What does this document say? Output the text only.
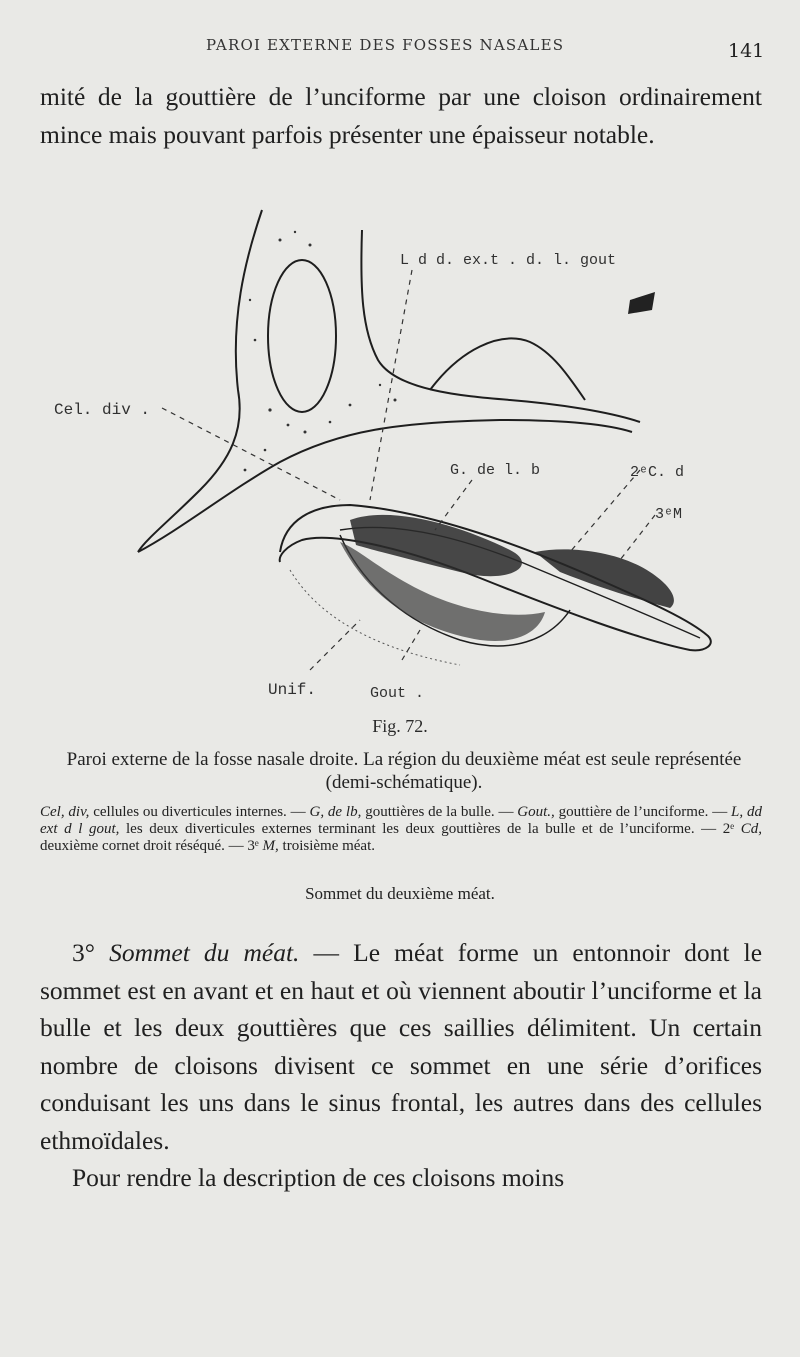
PAROI EXTERNE DES FOSSES NASALES	141

mité de la gouttière de l’unciforme par une cloison ordinairement mince mais pouvant parfois présenter une épaisseur notable.

Cel. div .
L d d. ex.t . d. l. gout
G. de l. b	2ᵉC. d
3ᵉM
Unif.	Gout .
Fig. 72.
Paroi externe de la fosse nasale droite. La région du deuxième méat est seule représentée (demi-schématique).
Cel, div, cellules ou diverticules internes. — G, de lb, gouttières de la bulle. — Gout., gouttière de l’unciforme. — L, dd ext d l gout, les deux diverticules externes terminant les deux gouttières de la bulle et de l’unciforme. — 2ᵉ Cd, deuxième cornet droit réséqué. — 3ᵉ M, troisième méat.
Sommet du deuxième méat.

3° Sommet du méat. — Le méat forme un entonnoir dont le sommet est en avant et en haut et où viennent aboutir l’unciforme et la bulle et les deux gouttières que ces saillies délimitent. Un certain nombre de cloisons divisent ce sommet en une série d’orifices conduisant les uns dans le sinus frontal, les autres dans des cellules ethmoïdales.

Pour rendre la description de ces cloisons moins
